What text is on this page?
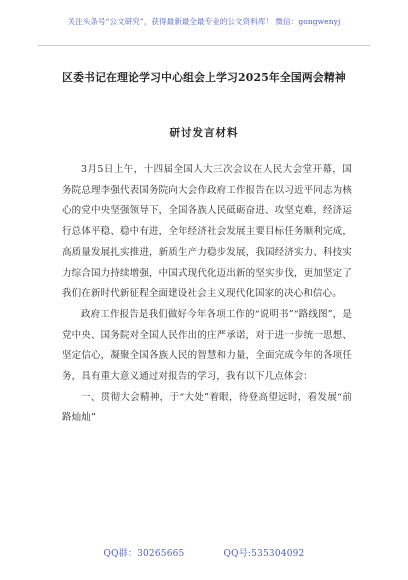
关注头条号“公文研究”，获得最新最全最专业的公文资料库！ 微信：gongwenyj
区委书记在理论学习中心组会上学习2025年全国两会精神
研讨发言材料

3月5日上午，十四届全国人大三次会议在人民大会堂开幕，国务院总理李强代表国务院向大会作政府工作报告在以习近平同志为核心的党中央坚强领导下，全国各族人民砥砺奋进、攻坚克难，经济运行总体平稳、稳中有进，全年经济社会发展主要目标任务顺利完成，高质量发展扎实推进，新质生产力稳步发展，我国经济实力、科技实力综合国力持续增强，中国式现代化迈出新的坚实步伐，更加坚定了我们在新时代新征程全面建设社会主义现代化国家的决心和信心。

政府工作报告是我们做好今年各项工作的“说明书”“路线图”，是党中央、国务院对全国人民作出的庄严承诺，对于进一步统一思想、坚定信心，凝聚全国各族人民的智慧和力量，全面完成今年的各项任务，具有重大意义通过对报告的学习，我有以下几点体会：

一、贯彻大会精神，于“大处”着眼，待登高望远时，看发展“前路灿灿”

QQ群：30265665	QQ号:535304092
